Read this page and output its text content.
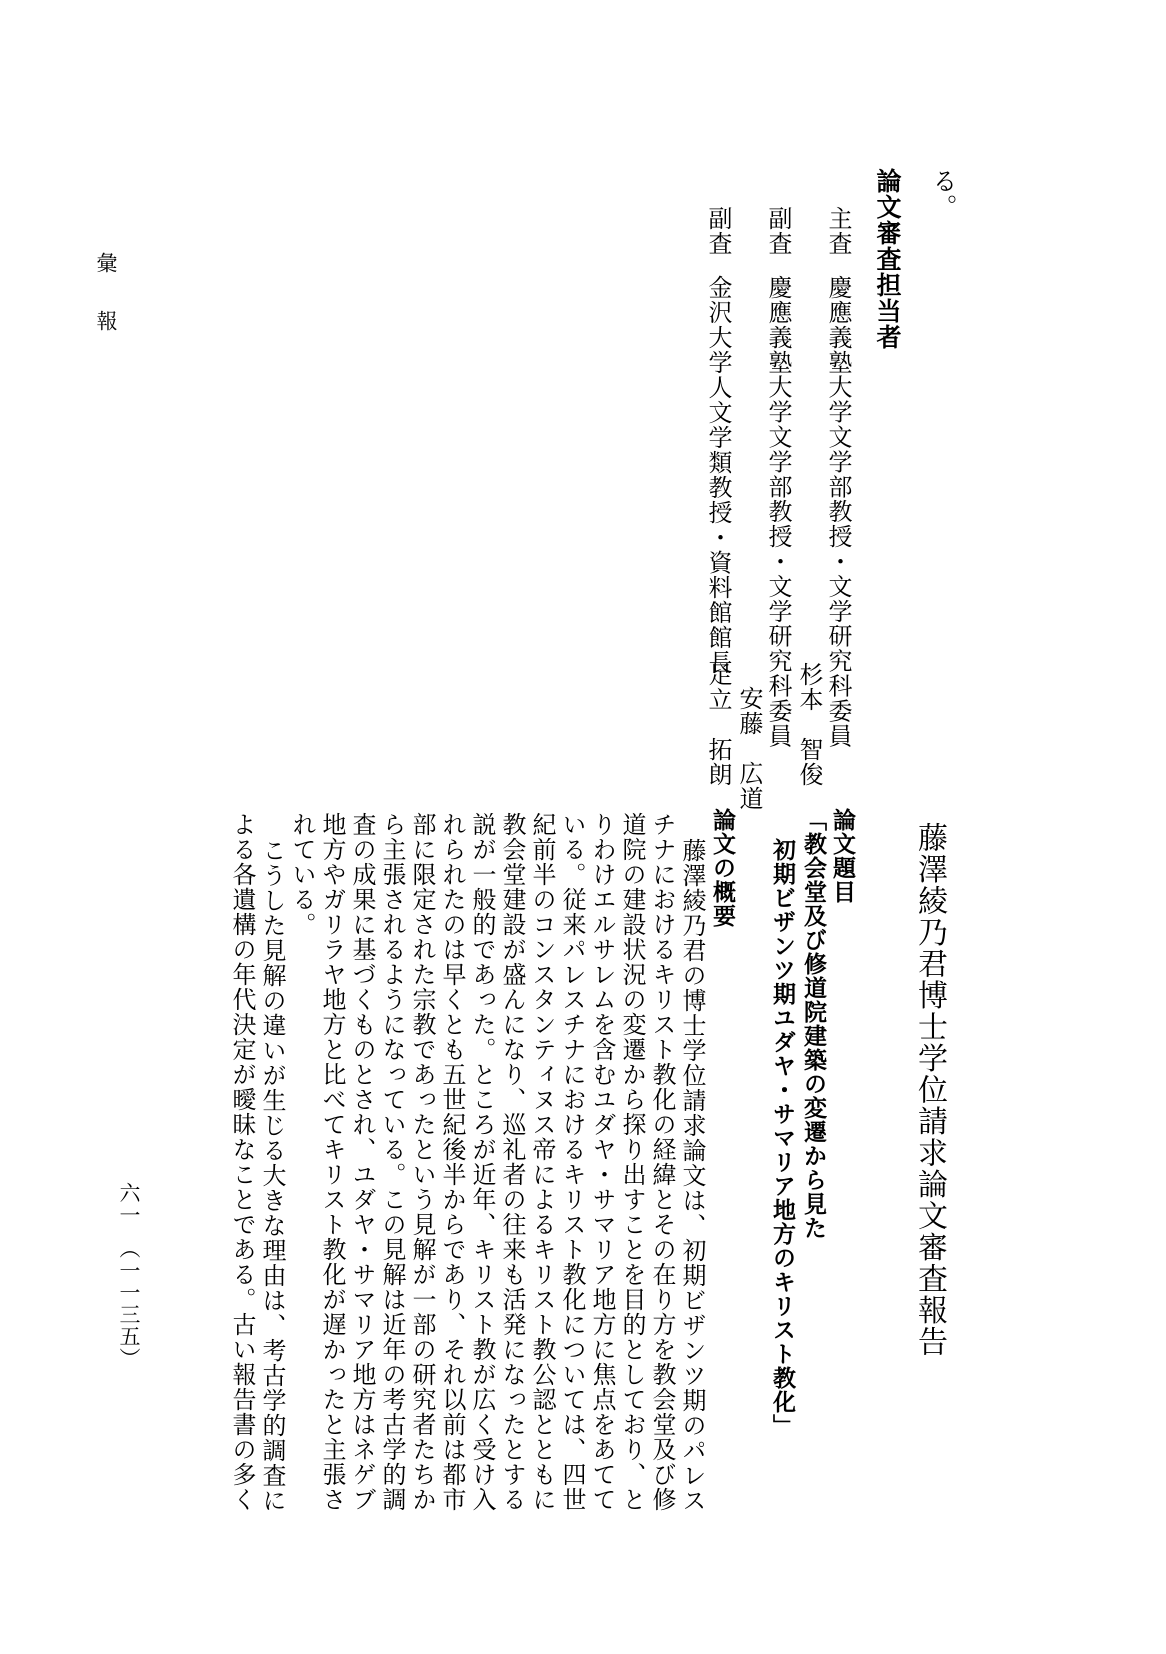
る。
論文審査担当者
主査
慶應義塾大学文学部教授・文学研究科委員
杉本　智俊
副査
慶應義塾大学文学部教授・文学研究科委員
安藤　広道
副査
金沢大学人文学類教授・資料館館長
足立　拓朗
彙　報
藤澤綾乃君博士学位請求論文審査報告
論文題目
「教会堂及び修道院建築の変遷から見た
初期ビザンツ期ユダヤ・サマリア地方のキリスト教化」
論文の概要
藤澤綾乃君の博士学位請求論文は、初期ビザンツ期のパレス
チナにおけるキリスト教化の経緯とその在り方を教会堂及び修
道院の建設状況の変遷から探り出すことを目的としており、と
りわけエルサレムを含むユダヤ・サマリア地方に焦点をあてて
いる。従来パレスチナにおけるキリスト教化については、四世
紀前半のコンスタンティヌス帝によるキリスト教公認とともに
教会堂建設が盛んになり、巡礼者の往来も活発になったとする
説が一般的であった。ところが近年、キリスト教が広く受け入
れられたのは早くとも五世紀後半からであり、それ以前は都市
部に限定された宗教であったという見解が一部の研究者たちか
ら主張されるようになっている。この見解は近年の考古学的調
査の成果に基づくものとされ、ユダヤ・サマリア地方はネゲブ
地方やガリラヤ地方と比べてキリスト教化が遅かったと主張さ
れている。
こうした見解の違いが生じる大きな理由は、考古学的調査に
よる各遺構の年代決定が曖昧なことである。古い報告書の多く
六一　（一一三五）
